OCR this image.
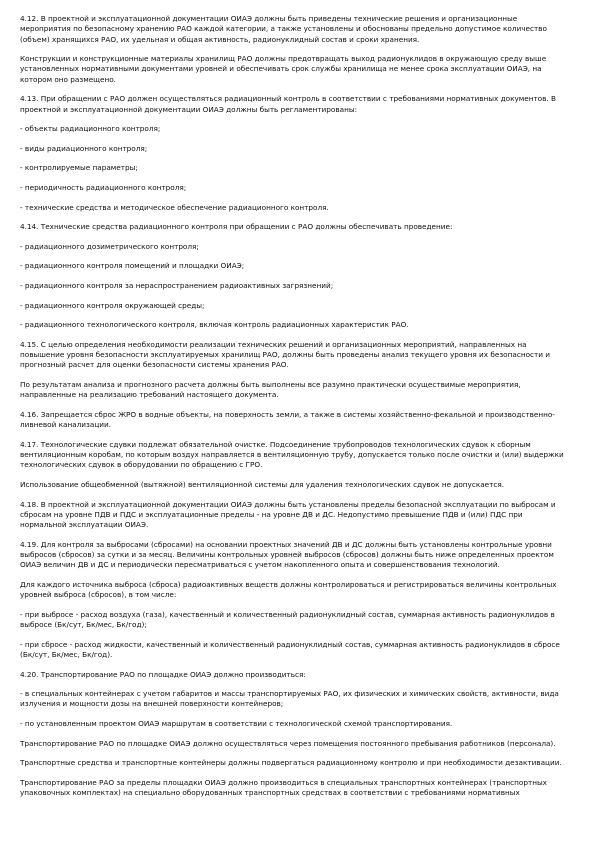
4.12. В проектной и эксплуатационной документации ОИАЭ должны быть приведены технические решения и организационные мероприятия по безопасному хранению РАО каждой категории, а также установлены и обоснованы предельно допустимое количество (объем) хранящихся РАО, их удельная и общая активность, радионуклидный состав и сроки хранения.

Конструкции и конструкционные материалы хранилищ РАО должны предотвращать выход радионуклидов в окружающую среду выше установленных нормативными документами уровней и обеспечивать срок службы хранилища не менее срока эксплуатации ОИАЭ, на котором оно размещено.

4.13. При обращении с РАО должен осуществляться радиационный контроль в соответствии с требованиями нормативных документов. В проектной и эксплуатационной документации ОИАЭ должны быть регламентированы:

- объекты радиационного контроля;

- виды радиационного контроля;

- контролируемые параметры;

- периодичность радиационного контроля;

- технические средства и методическое обеспечение радиационного контроля.

4.14. Технические средства радиационного контроля при обращении с РАО должны обеспечивать проведение:

- радиационного дозиметрического контроля;

- радиационного контроля помещений и площадки ОИАЭ;

- радиационного контроля за нераспространением радиоактивных загрязнений;

- радиационного контроля окружающей среды;

- радиационного технологического контроля, включая контроль радиационных характеристик РАО.

4.15. С целью определения необходимости реализации технических решений и организационных мероприятий, направленных на повышение уровня безопасности эксплуатируемых хранилищ РАО, должны быть проведены анализ текущего уровня их безопасности и прогнозный расчет для оценки безопасности системы хранения РАО.

По результатам анализа и прогнозного расчета должны быть выполнены все разумно практически осуществимые мероприятия, направленные на реализацию требований настоящего документа.

4.16. Запрещается сброс ЖРО в водные объекты, на поверхность земли, а также в системы хозяйственно-фекальной и производственно-ливневой канализации.

4.17. Технологические сдувки подлежат обязательной очистке. Подсоединение трубопроводов технологических сдувок к сборным вентиляционным коробам, по которым воздух направляется в вентиляционную трубу, допускается только после очистки и (или) выдержки технологических сдувок в оборудовании по обращению с ГРО.

Использование общеобменной (вытяжной) вентиляционной системы для удаления технологических сдувок не допускается.

4.18. В проектной и эксплуатационной документации ОИАЭ должны быть установлены пределы безопасной эксплуатации по выбросам и сбросам на уровне ПДВ и ПДС и эксплуатационные пределы - на уровне ДВ и ДС. Недопустимо превышение ПДВ и (или) ПДС при нормальной эксплуатации ОИАЭ.

4.19. Для контроля за выбросами (сбросами) на основании проектных значений ДВ и ДС должны быть установлены контрольные уровни выбросов (сбросов) за сутки и за месяц. Величины контрольных уровней выбросов (сбросов) должны быть ниже определенных проектом ОИАЭ величин ДВ и ДС и периодически пересматриваться с учетом накопленного опыта и совершенствования технологий.

Для каждого источника выброса (сброса) радиоактивных веществ должны контролироваться и регистрироваться величины контрольных уровней выброса (сбросов), в том числе:

- при выбросе - расход воздуха (газа), качественный и количественный радионуклидный состав, суммарная активность радионуклидов в выбросе (Бк/сут, Бк/мес, Бк/год);

- при сбросе - расход жидкости, качественный и количественный радионуклидный состав, суммарная активность радионуклидов в сбросе (Бк/сут, Бк/мес, Бк/год).

4.20. Транспортирование РАО по площадке ОИАЭ должно производиться:

- в специальных контейнерах с учетом габаритов и массы транспортируемых РАО, их физических и химических свойств, активности, вида излучения и мощности дозы на внешней поверхности контейнеров;

- по установленным проектом ОИАЭ маршрутам в соответствии с технологической схемой транспортирования.

Транспортирование РАО по площадке ОИАЭ должно осуществляться через помещения постоянного пребывания работников (персонала).

Транспортные средства и транспортные контейнеры должны подвергаться радиационному контролю и при необходимости дезактивации.

Транспортирование РАО за пределы площадки ОИАЭ должно производиться в специальных транспортных контейнерах (транспортных упаковочных комплектах) на специально оборудованных транспортных средствах в соответствии с требованиями нормативных
